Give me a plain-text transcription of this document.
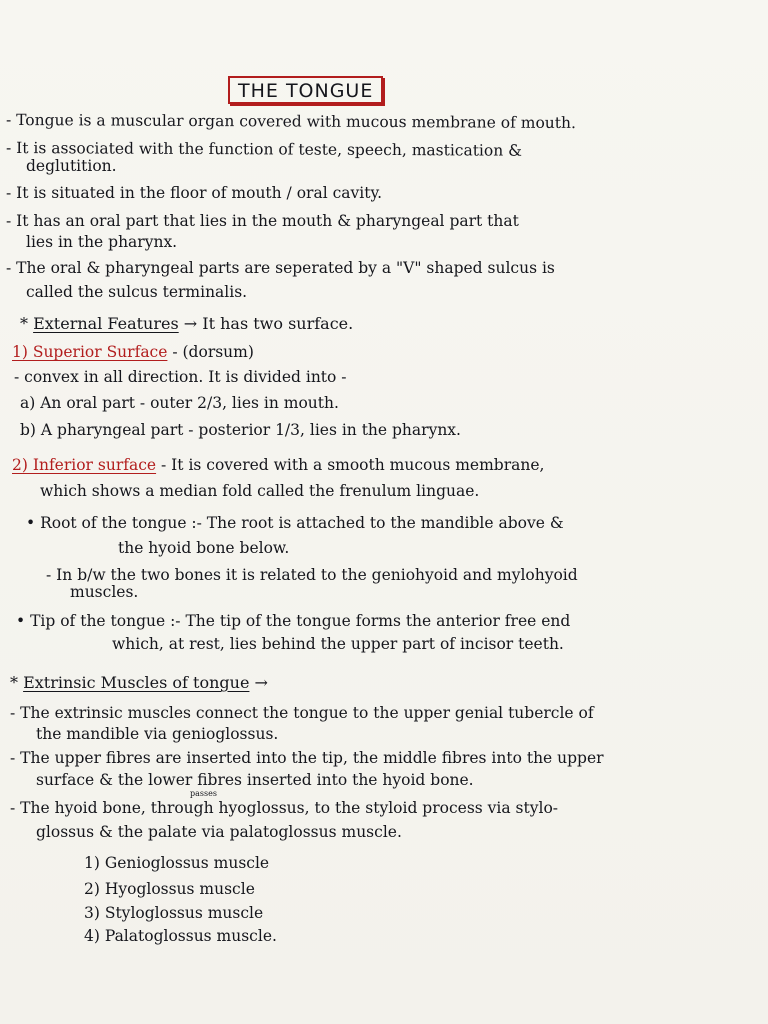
THE TONGUE
- Tongue is a muscular organ covered with mucous membrane of mouth.
- It is associated with the function of teste, speech, mastication &
deglutition.
- It is situated in the floor of mouth / oral cavity.
- It has an oral part that lies in the mouth & pharyngeal part that
lies in the pharynx.
- The oral & pharyngeal parts are seperated by a "V" shaped sulcus is
called the sulcus terminalis.
* External Features → It has two surface.
1) Superior Surface - (dorsum)
- convex in all direction. It is divided into -
a) An oral part - outer 2/3, lies in mouth.
b) A pharyngeal part - posterior 1/3, lies in the pharynx.
2) Inferior surface - It is covered with a smooth mucous membrane,
which shows a median fold called the frenulum linguae.
• Root of the tongue :- The root is attached to the mandible above &
the hyoid bone below.
- In b/w the two bones it is related to the geniohyoid and mylohyoid
muscles.
• Tip of the tongue :- The tip of the tongue forms the anterior free end
which, at rest, lies behind the upper part of incisor teeth.
* Extrinsic Muscles of tongue →
- The extrinsic muscles connect the tongue to the upper genial tubercle of
the mandible via genioglossus.
- The upper fibres are inserted into the tip, the middle fibres into the upper
surface & the lower fibres inserted into the hyoid bone.
passes
- The hyoid bone, through hyoglossus, to the styloid process via stylo-
glossus & the palate via palatoglossus muscle.
1) Genioglossus muscle
2) Hyoglossus muscle
3) Styloglossus muscle
4) Palatoglossus muscle.
